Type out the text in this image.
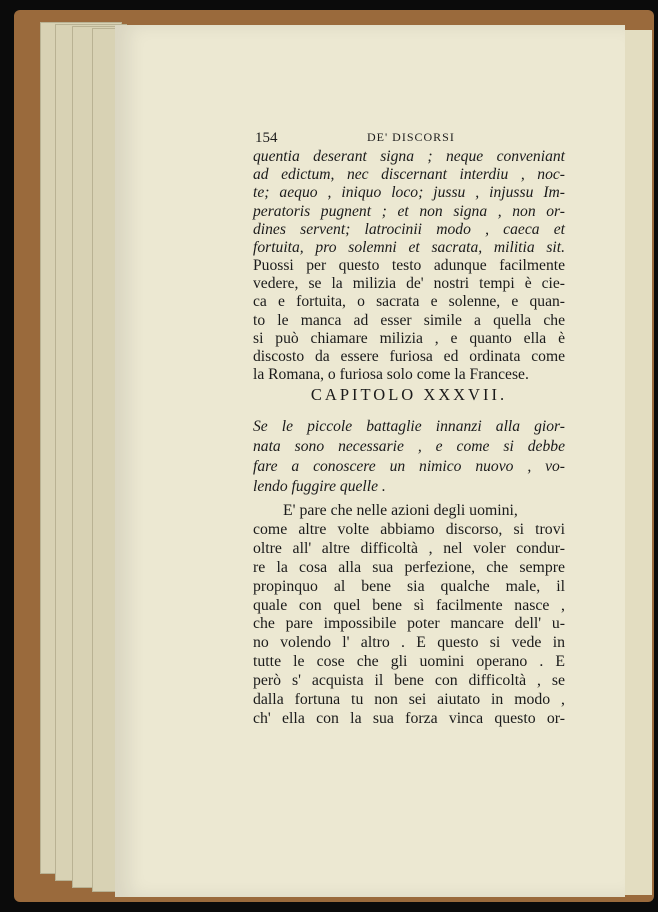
154	DE' DISCORSI
quentia deserant signa ; neque conveniant
ad edictum, nec discernant interdiu , noc-
te; aequo , iniquo loco; jussu , injussu Im-
peratoris pugnent ; et non signa , non or-
dines servent; latrocinii modo , caeca et
fortuita, pro solemni et sacrata, militia sit.
Puossi per questo testo adunque facilmente
vedere, se la milizia de' nostri tempi è cie-
ca e fortuita, o sacrata e solenne, e quan-
to le manca ad esser simile a quella che
si può chiamare milizia , e quanto ella è
discosto da essere furiosa ed ordinata come
la Romana, o furiosa solo come la Francese.
CAPITOLO XXXVII.
Se le piccole battaglie innanzi alla gior-
nata sono necessarie , e come si debbe
fare a conoscere un nimico nuovo , vo-
lendo fuggire quelle .
E' pare che nelle azioni degli uomini,
come altre volte abbiamo discorso, si trovi
oltre all' altre difficoltà , nel voler condur-
re la cosa alla sua perfezione, che sempre
propinquo al bene sia qualche male, il
quale con quel bene sì facilmente nasce ,
che pare impossibile poter mancare dell' u-
no volendo l' altro . E questo si vede in
tutte le cose che gli uomini operano . E
però s' acquista il bene con difficoltà , se
dalla fortuna tu non sei aiutato in modo ,
ch' ella con la sua forza vinca questo or-
